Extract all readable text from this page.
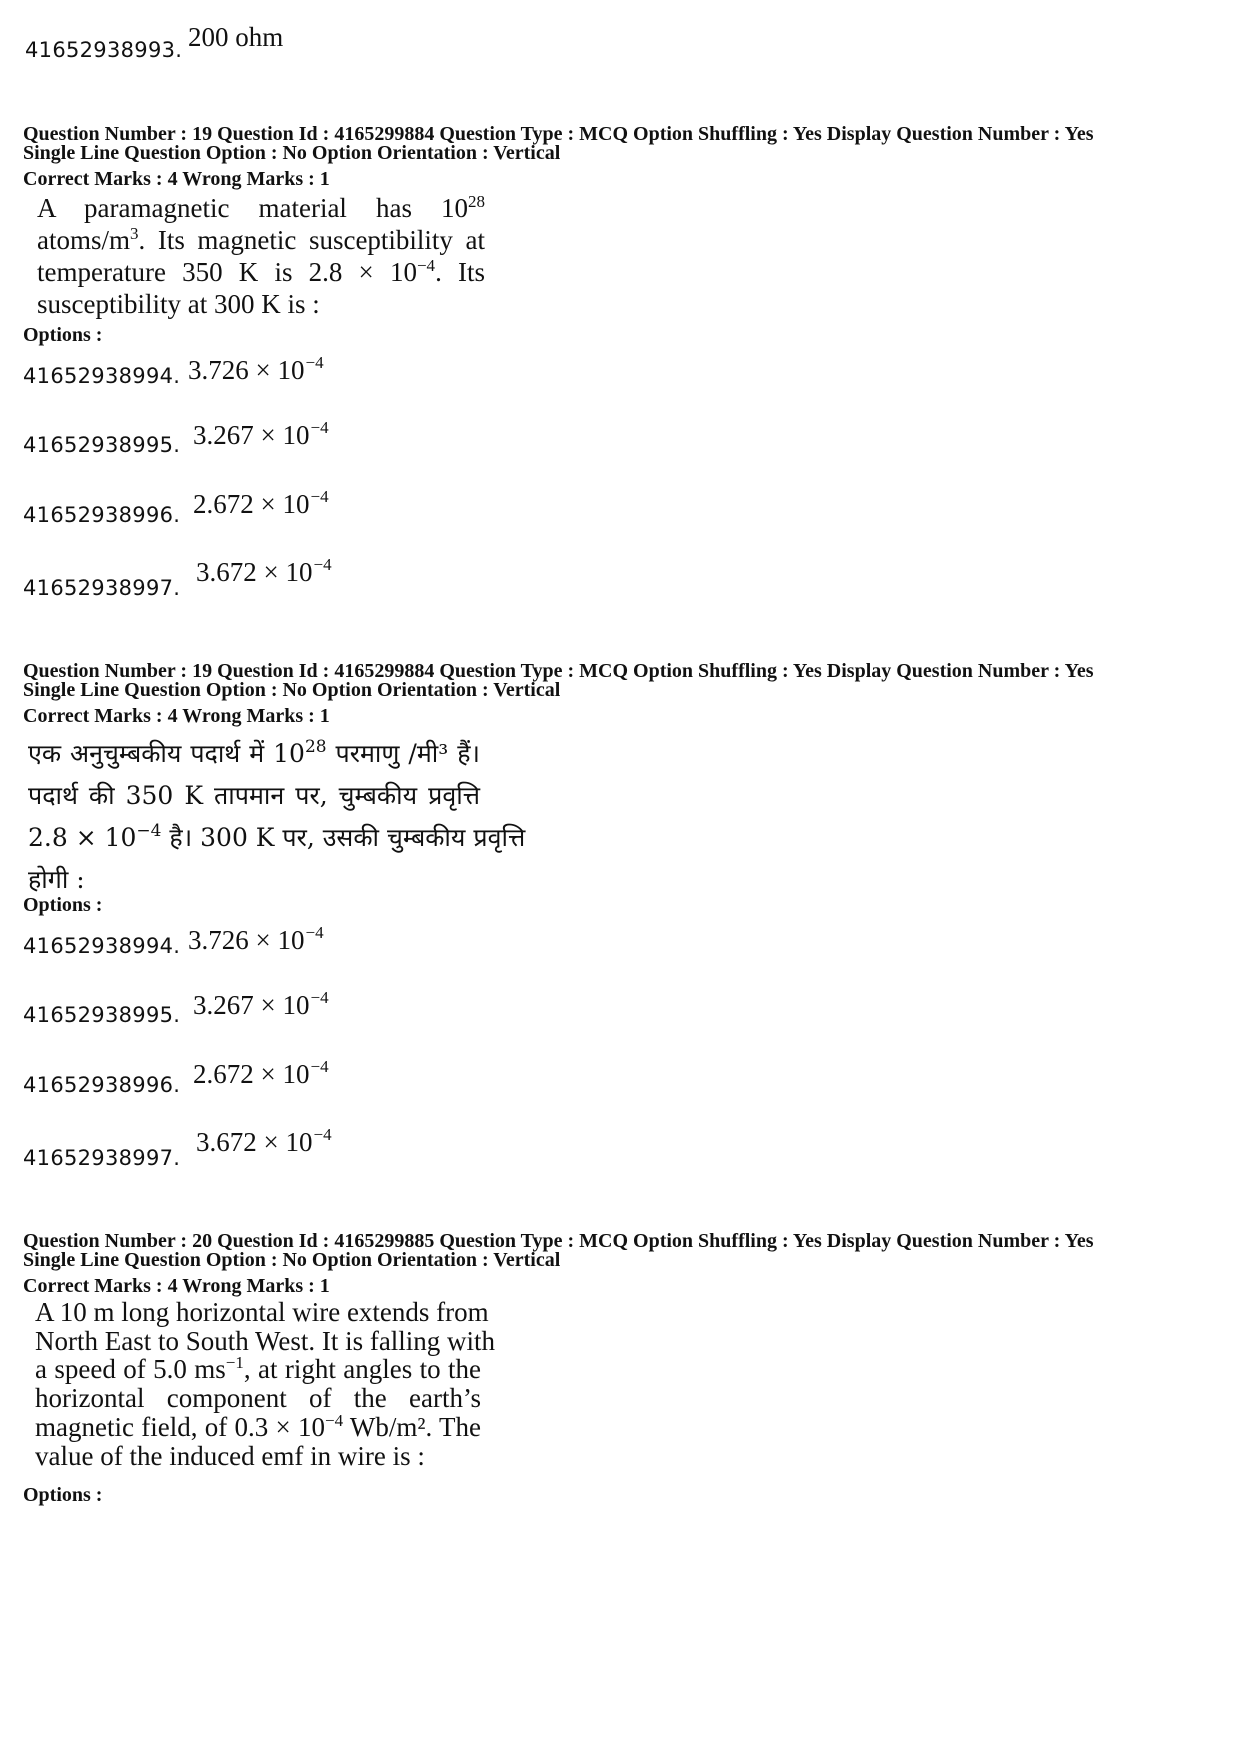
41652938993. 200 ohm
Question Number : 19 Question Id : 4165299884 Question Type : MCQ Option Shuffling : Yes Display Question Number : Yes
Single Line Question Option : No Option Orientation : Vertical
Correct Marks : 4 Wrong Marks : 1
A paramagnetic material has $10^{28}$
atoms/$m^3$. Its magnetic susceptibility at
temperature 350 K is $2.8 \times 10^{-4}$. Its
susceptibility at 300 K is :
Options :
41652938994. $3.726 \times 10^{-4}$
41652938995. $3.267 \times 10^{-4}$
41652938996. $2.672 \times 10^{-4}$
41652938997.
$3.672 \times 10^{-4}$
Question Number : 19 Question Id : 4165299884 Question Type : MCQ Option Shuffling : Yes Display Question Number : Yes
Single Line Question Option : No Option Orientation : Vertical
Correct Marks : 4 Wrong Marks : 1
एक अनुचुम्बकीय पदार्थ में $10^{28}$ परमाणु /मी³ हैं।
पदार्थ की 350 K तापमान पर, चुम्बकीय प्रवृत्ति
$2.8 \times 10^{-4}$ है। 300 K पर, उसकी चुम्बकीय प्रवृत्ति
होगी :
Options :
41652938994. $3.726 \times 10^{-4}$
41652938995. $3.267 \times 10^{-4}$
41652938996. $2.672 \times 10^{-4}$
41652938997.
$3.672 \times 10^{-4}$
Question Number : 20 Question Id : 4165299885 Question Type : MCQ Option Shuffling : Yes Display Question Number : Yes
Single Line Question Option : No Option Orientation : Vertical
Correct Marks : 4 Wrong Marks : 1
A 10 m long horizontal wire extends from
North East to South West. It is falling with
a speed of 5.0 $ms^{-1}$, at right angles to the
horizontal component of the earth’s
magnetic field, of $0.3 \times 10^{-4}$ Wb/m². The
value of the induced emf in wire is :
Options :
